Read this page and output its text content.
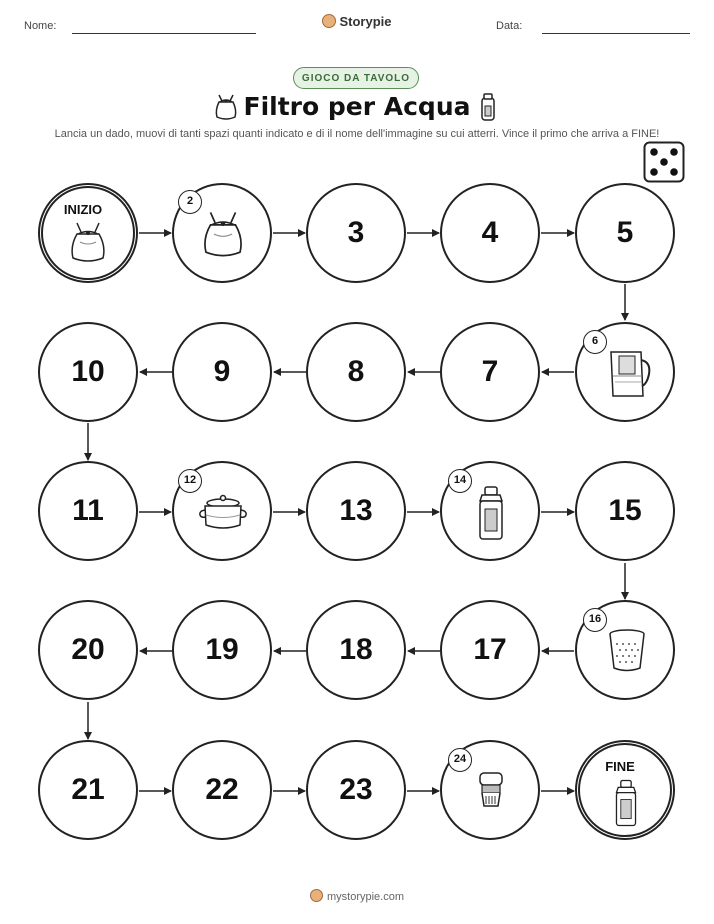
Nome:	Storypie	Data:
GIOCO DA TAVOLO
Filtro per Acqua
Lancia un dado, muovi di tanti spazi quanti indicato e di il nome dell'immagine su cui atterri. Vince il primo che arriva a FINE!
INIZIO
2
3	4	5
10	9	8	7
6
11
12
13
14
15
20	19	18	17
16
21	22	23
24	FINE
mystorypie.com
